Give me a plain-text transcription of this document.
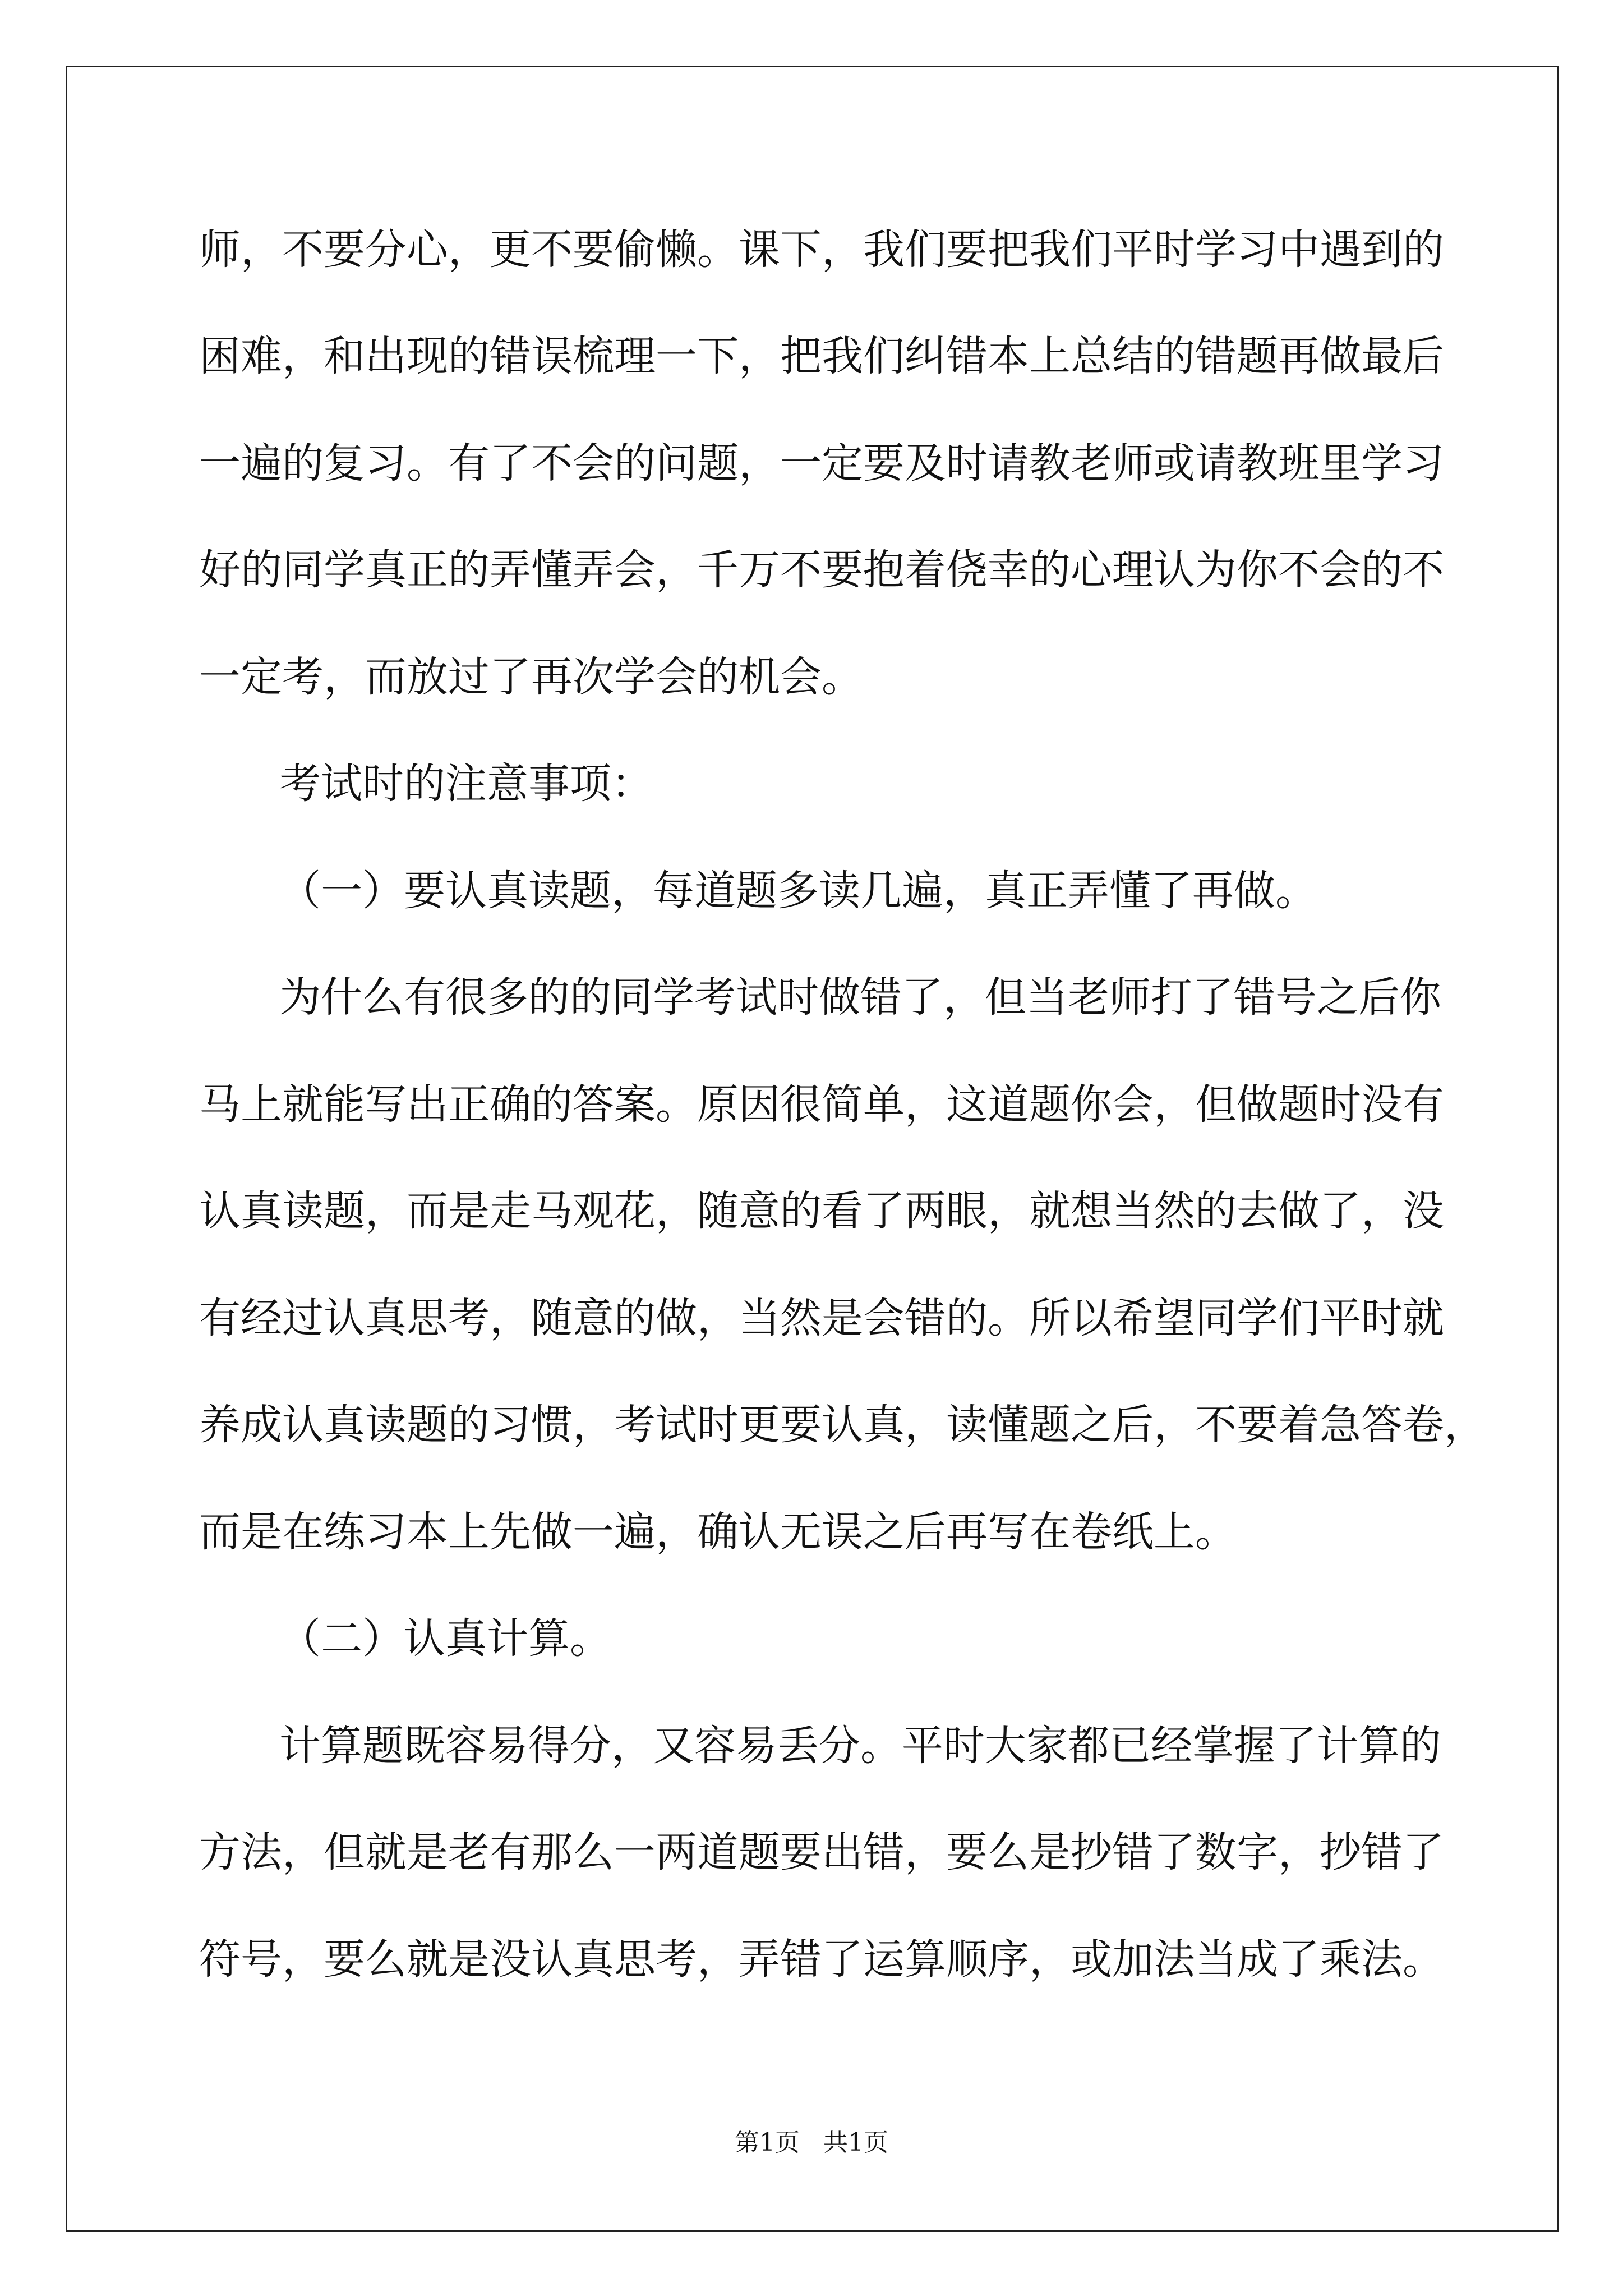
师，不要分心，更不要偷懒。课下，我们要把我们平时学习中遇到的
困难，和出现的错误梳理一下，把我们纠错本上总结的错题再做最后
一遍的复习。有了不会的问题，一定要及时请教老师或请教班里学习
好的同学真正的弄懂弄会，千万不要抱着侥幸的心理认为你不会的不
一定考，而放过了再次学会的机会。
考试时的注意事项：
（一）要认真读题，每道题多读几遍，真正弄懂了再做。
为什么有很多的的同学考试时做错了，但当老师打了错号之后你
马上就能写出正确的答案。原因很简单，这道题你会，但做题时没有
认真读题，而是走马观花，随意的看了两眼，就想当然的去做了，没
有经过认真思考，随意的做，当然是会错的。所以希望同学们平时就
养成认真读题的习惯，考试时更要认真，读懂题之后，不要着急答卷，
而是在练习本上先做一遍，确认无误之后再写在卷纸上。
（二）认真计算。
计算题既容易得分，又容易丢分。平时大家都已经掌握了计算的
方法，但就是老有那么一两道题要出错，要么是抄错了数字，抄错了
符号，要么就是没认真思考，弄错了运算顺序，或加法当成了乘法。
第1页   共1页
